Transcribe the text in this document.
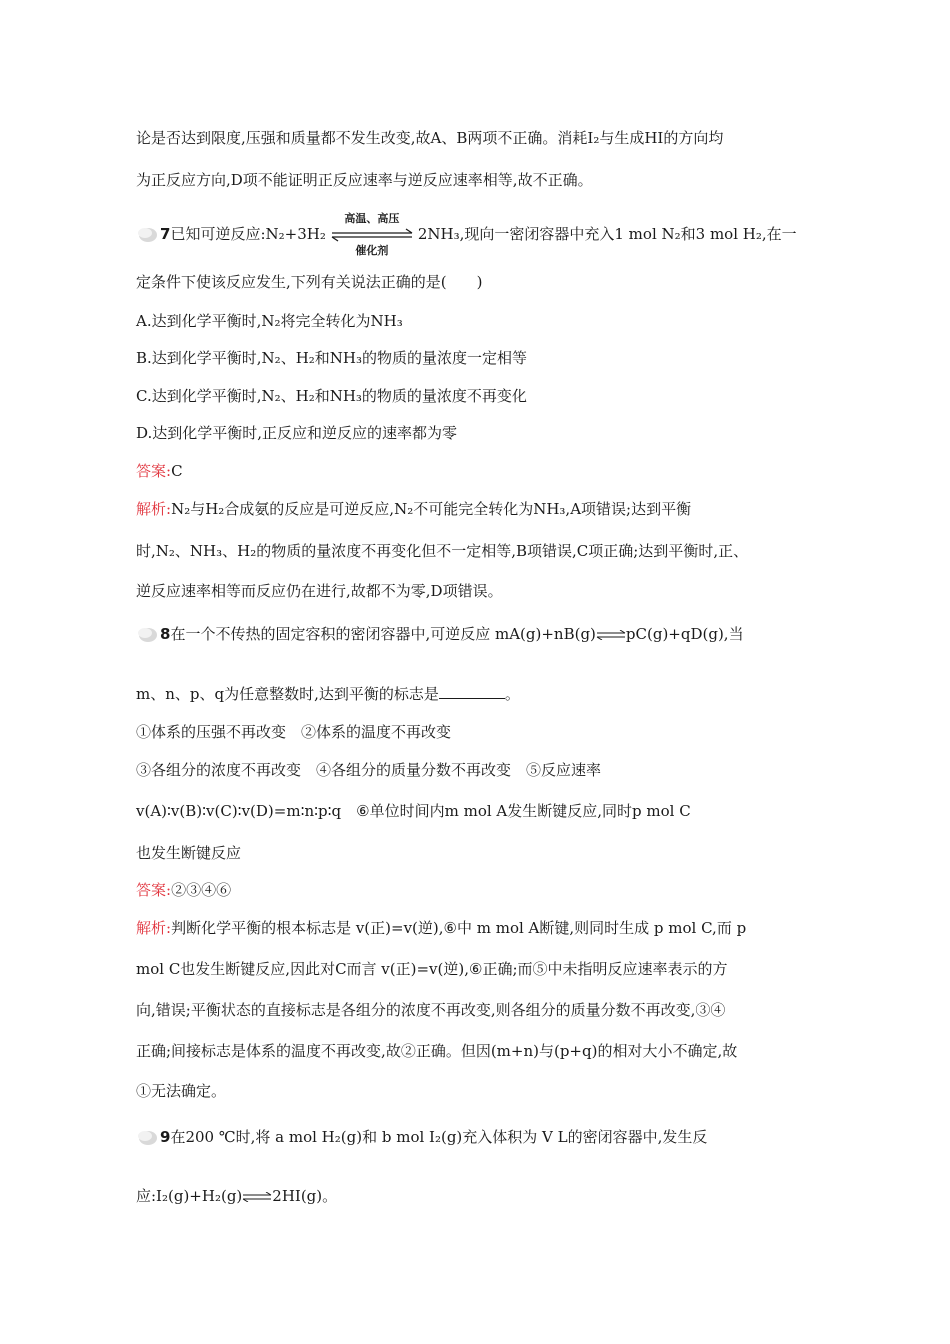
论是否达到限度,压强和质量都不发生改变,故A、B两项不正确。消耗I₂与生成HI的方向均
为正反应方向,D项不能证明正反应速率与逆反应速率相等,故不正确。
7已知可逆反应:N₂+3H₂
高温、高压
催化剂
2NH₃,现向一密闭容器中充入1 mol N₂和3 mol H₂,在一
定条件下使该反应发生,下列有关说法正确的是(　　)
A.达到化学平衡时,N₂将完全转化为NH₃
B.达到化学平衡时,N₂、H₂和NH₃的物质的量浓度一定相等
C.达到化学平衡时,N₂、H₂和NH₃的物质的量浓度不再变化
D.达到化学平衡时,正反应和逆反应的速率都为零
答案:C
解析:N₂与H₂合成氨的反应是可逆反应,N₂不可能完全转化为NH₃,A项错误;达到平衡
时,N₂、NH₃、H₂的物质的量浓度不再变化但不一定相等,B项错误,C项正确;达到平衡时,正、
逆反应速率相等而反应仍在进行,故都不为零,D项错误。
8在一个不传热的固定容积的密闭容器中,可逆反应 mA(g)+nB(g)⇌pC(g)+qD(g),当
m、n、p、q为任意整数时,达到平衡的标志是	。
①体系的压强不再改变　②体系的温度不再改变
③各组分的浓度不再改变　④各组分的质量分数不再改变　⑤反应速率
v(A)∶v(B)∶v(C)∶v(D)=m∶n∶p∶q　⑥单位时间内m mol A发生断键反应,同时p mol C
也发生断键反应
答案:②③④⑥
解析:判断化学平衡的根本标志是 v(正)=v(逆),⑥中 m mol A断键,则同时生成 p mol C,而 p
mol C也发生断键反应,因此对C而言 v(正)=v(逆),⑥正确;而⑤中未指明反应速率表示的方
向,错误;平衡状态的直接标志是各组分的浓度不再改变,则各组分的质量分数不再改变,③④
正确;间接标志是体系的温度不再改变,故②正确。但因(m+n)与(p+q)的相对大小不确定,故
①无法确定。
9在200 ℃时,将 a mol H₂(g)和 b mol I₂(g)充入体积为 V L的密闭容器中,发生反
应:I₂(g)+H₂(g)⇌2HI(g)。
